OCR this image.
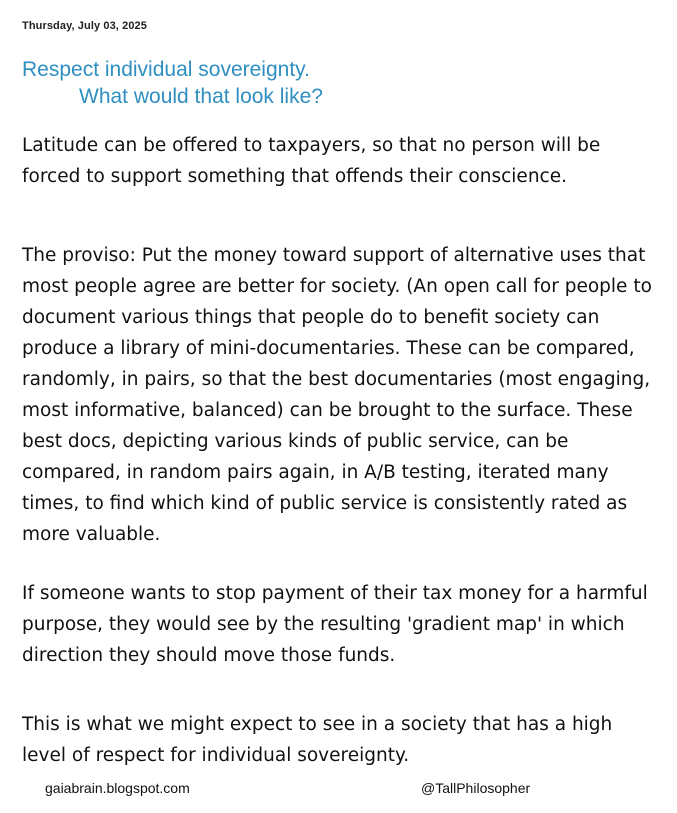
Thursday, July 03, 2025
Respect individual sovereignty.
What would that look like?

Latitude can be offered to taxpayers, so that no person will be forced to support something that offends their conscience.

The proviso: Put the money toward support of alternative uses that most people agree are better for society. (An open call for people to document various things that people do to benefit society can produce a library of mini-documentaries. These can be compared, randomly, in pairs, so that the best documentaries (most engaging, most informative, balanced) can be brought to the surface. These best docs, depicting various kinds of public service, can be compared, in random pairs again, in A/B testing, iterated many times, to find which kind of public service is consistently rated as more valuable.

If someone wants to stop payment of their tax money for a harmful purpose, they would see by the resulting 'gradient map' in which direction they should move those funds.

This is what we might expect to see in a society that has a high level of respect for individual sovereignty.

gaiabrain.blogspot.com	@TallPhilosopher
